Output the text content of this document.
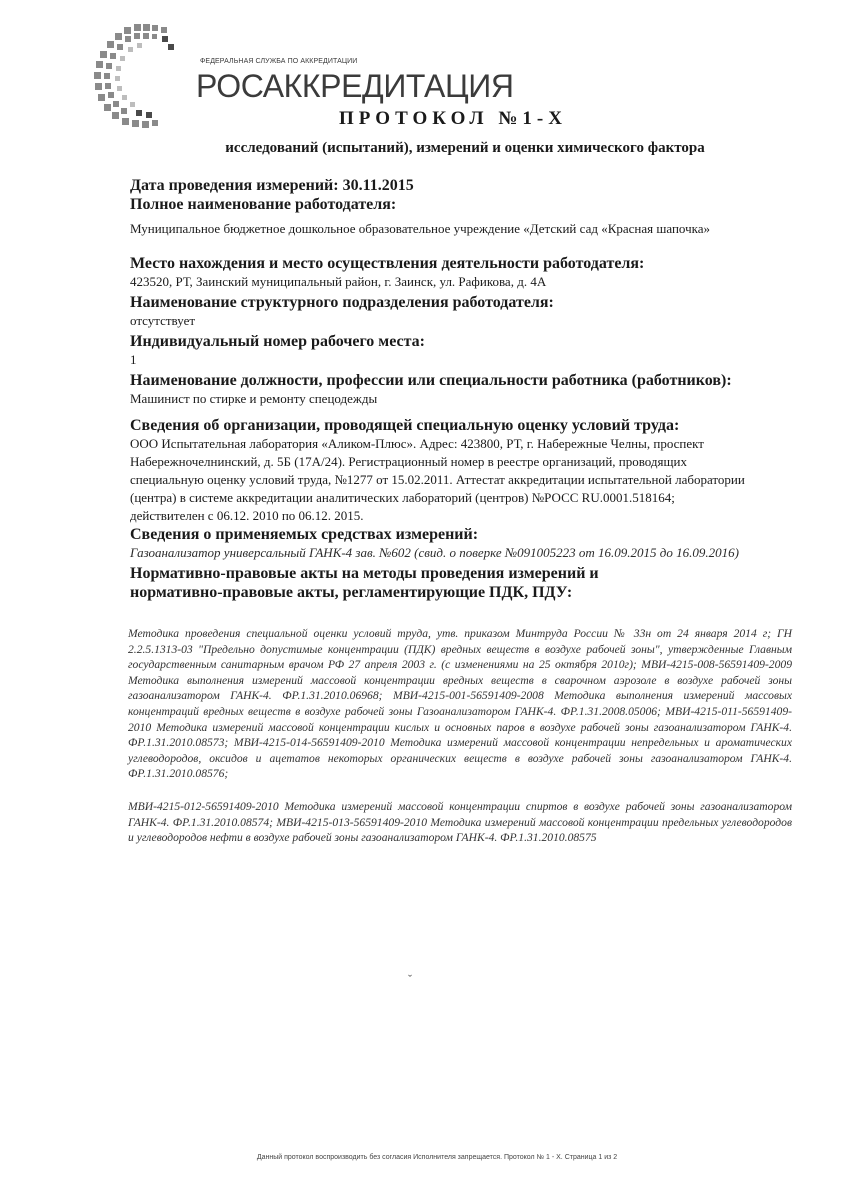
ФЕДЕРАЛЬНАЯ СЛУЖБА ПО АККРЕДИТАЦИИ
РОСАККРЕДИТАЦИЯ
ПРОТОКОЛ №1-Х
исследований (испытаний), измерений и оценки химического фактора

Дата проведения измерений: 30.11.2015

Полное наименование работодателя:

Муниципальное бюджетное дошкольное образовательное учреждение «Детский сад «Красная шапочка»

Место нахождения и место осуществления деятельности работодателя:

423520, РТ, Заинский муниципальный район, г. Заинск, ул. Рафикова, д. 4А

Наименование структурного подразделения работодателя:

отсутствует

Индивидуальный номер рабочего места:

1

Наименование должности, профессии или специальности работника (работников):

Машинист по стирке и ремонту спецодежды

Сведения об организации, проводящей специальную оценку условий труда:

ООО Испытательная лаборатория «Аликом-Плюс». Адрес: 423800, РТ, г. Набережные Челны, проспект Набережночелнинский, д. 5Б (17А/24). Регистрационный номер в реестре организаций, проводящих специальную оценку условий труда, №1277 от 15.02.2011. Аттестат аккредитации испытательной лаборатории (центра) в системе аккредитации аналитических лабораторий (центров) №РОСС RU.0001.518164; действителен с 06.12. 2010 по 06.12. 2015.

Сведения о применяемых средствах измерений:

Газоанализатор универсальный ГАНК-4 зав. №602 (свид. о поверке №091005223 от 16.09.2015 до 16.09.2016)

Нормативно-правовые акты на методы проведения измерений и

нормативно-правовые акты, регламентирующие ПДК, ПДУ:

Методика проведения специальной оценки условий труда, утв. приказом Минтруда России № 33н от 24 января 2014 г; ГН 2.2.5.1313-03 "Предельно допустимые концентрации (ПДК) вредных веществ в воздухе рабочей зоны", утвержденные Главным государственным санитарным врачом РФ 27 апреля 2003 г. (с изменениями на 25 октября 2010г); МВИ-4215-008-56591409-2009 Методика выполнения измерений массовой концентрации вредных веществ в сварочном аэрозоле в воздухе рабочей зоны газоанализатором ГАНК-4. ФР.1.31.2010.06968; МВИ-4215-001-56591409-2008 Методика выполнения измерений массовых концентраций вредных веществ в воздухе рабочей зоны Газоанализатором ГАНК-4. ФР.1.31.2008.05006; МВИ-4215-011-56591409-2010 Методика измерений массовой концентрации кислых и основных паров в воздухе рабочей зоны газоанализатором ГАНК-4. ФР.1.31.2010.08573; МВИ-4215-014-56591409-2010 Методика измерений массовой концентрации непредельных и ароматических углеводородов, оксидов и ацетатов некоторых органических веществ в воздухе рабочей зоны газоанализатором ГАНК-4. ФР.1.31.2010.08576;

МВИ-4215-012-56591409-2010 Методика измерений массовой концентрации спиртов в воздухе рабочей зоны газоанализатором ГАНК-4. ФР.1.31.2010.08574; МВИ-4215-013-56591409-2010 Методика измерений массовой концентрации предельных углеводородов и углеводородов нефти в воздухе рабочей зоны газоанализатором ГАНК-4. ФР.1.31.2010.08575

ˇ
Данный протокол воспроизводить без согласия Исполнителя запрещается. Протокол № 1 - Х. Страница 1 из 2
